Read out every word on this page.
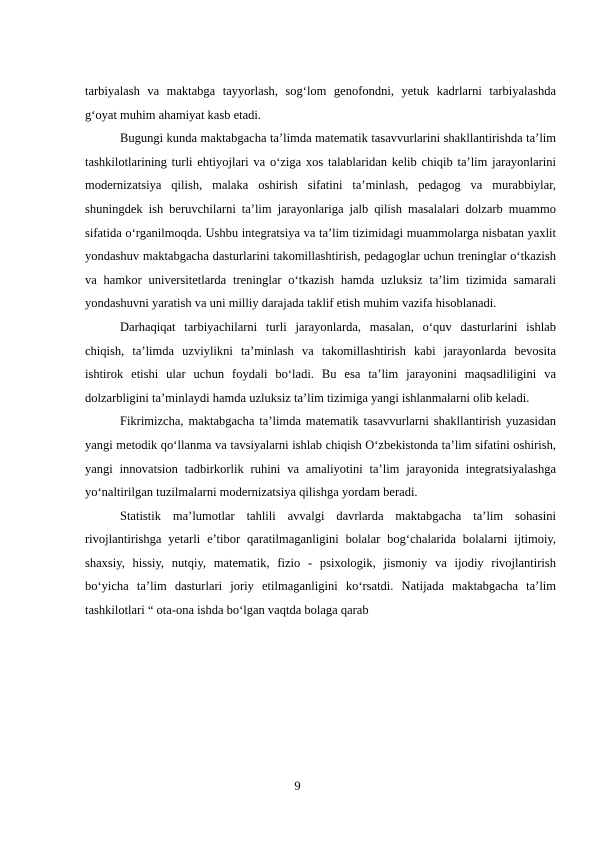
tarbiyalash va maktabga tayyorlash, sog‘lom genofondni, yetuk kadrlarni tarbiyalashda g‘oyat muhim ahamiyat kasb etadi.

Bugungi kunda maktabgacha ta’limda matematik tasavvurlarini shakllantirishda ta’lim tashkilotlarining turli ehtiyojlari va o‘ziga xos talablaridan kelib chiqib ta’lim jarayonlarini modernizatsiya qilish, malaka oshirish sifatini ta’minlash, pedagog va murabbiylar, shuningdek ish beruvchilarni ta’lim jarayonlariga jalb qilish masalalari dolzarb muammo sifatida o‘rganilmoqda. Ushbu integratsiya va ta’lim tizimidagi muammolarga nisbatan yaxlit yondashuv maktabgacha dasturlarini takomillashtirish, pedagoglar uchun treninglar o‘tkazish va hamkor universitetlarda treninglar o‘tkazish hamda uzluksiz ta’lim tizimida samarali yondashuvni yaratish va uni milliy darajada taklif etish muhim vazifa hisoblanadi.

Darhaqiqat tarbiyachilarni turli jarayonlarda, masalan, o‘quv dasturlarini ishlab chiqish, ta’limda uzviylikni ta’minlash va takomillashtirish kabi jarayonlarda bevosita ishtirok etishi ular uchun foydali bo‘ladi. Bu esa ta’lim jarayonini maqsadliligini va dolzarbligini ta’minlaydi hamda uzluksiz ta’lim tizimiga yangi ishlanmalarni olib keladi.

Fikrimizcha, maktabgacha ta’limda matematik tasavvurlarni shakllantirish yuzasidan yangi metodik qo‘llanma va tavsiyalarni ishlab chiqish O‘zbekistonda ta’lim sifatini oshirish, yangi innovatsion tadbirkorlik ruhini va amaliyotini ta’lim jarayonida integratsiyalashga yo‘naltirilgan tuzilmalarni modernizatsiya qilishga yordam beradi.

Statistik ma’lumotlar tahlili avvalgi davrlarda maktabgacha ta’lim sohasini rivojlantirishga yetarli e’tibor qaratilmaganligini bolalar bog‘chalarida bolalarni ijtimoiy, shaxsiy, hissiy, nutqiy, matematik, fizio - psixologik, jismoniy va ijodiy rivojlantirish bo‘yicha ta’lim dasturlari joriy etilmaganligini ko‘rsatdi. Natijada maktabgacha ta’lim tashkilotlari “ ota-ona ishda bo‘lgan vaqtda bolaga qarab

9
